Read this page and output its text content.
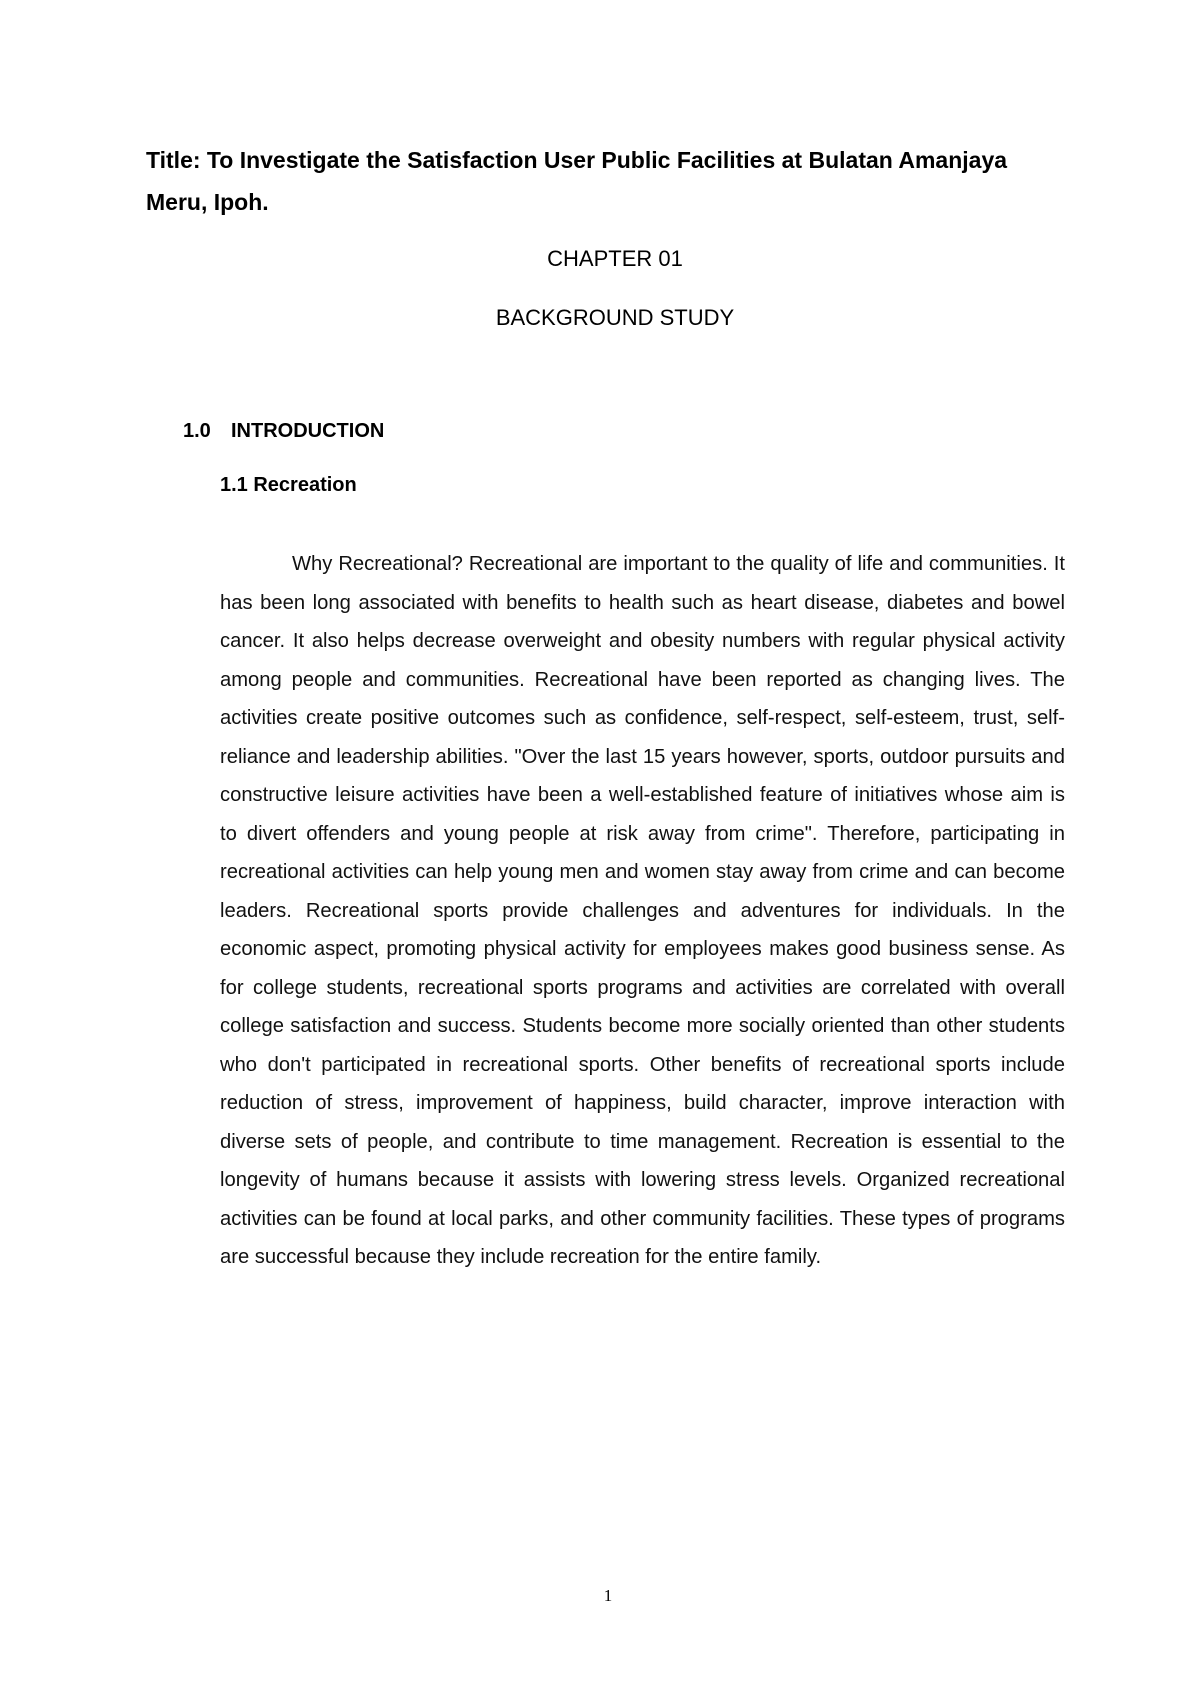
Title: To Investigate the Satisfaction User Public Facilities at Bulatan Amanjaya Meru, Ipoh.
CHAPTER 01
BACKGROUND STUDY
1.0 INTRODUCTION
1.1 Recreation

Why Recreational? Recreational are important to the quality of life and communities. It has been long associated with benefits to health such as heart disease, diabetes and bowel cancer. It also helps decrease overweight and obesity numbers with regular physical activity among people and communities. Recreational have been reported as changing lives. The activities create positive outcomes such as confidence, self-respect, self-esteem, trust, self-reliance and leadership abilities. "Over the last 15 years however, sports, outdoor pursuits and constructive leisure activities have been a well-established feature of initiatives whose aim is to divert offenders and young people at risk away from crime". Therefore, participating in recreational activities can help young men and women stay away from crime and can become leaders. Recreational sports provide challenges and adventures for individuals. In the economic aspect, promoting physical activity for employees makes good business sense. As for college students, recreational sports programs and activities are correlated with overall college satisfaction and success. Students become more socially oriented than other students who don't participated in recreational sports. Other benefits of recreational sports include reduction of stress, improvement of happiness, build character, improve interaction with diverse sets of people, and contribute to time management. Recreation is essential to the longevity of humans because it assists with lowering stress levels. Organized recreational activities can be found at local parks, and other community facilities. These types of programs are successful because they include recreation for the entire family.

1
